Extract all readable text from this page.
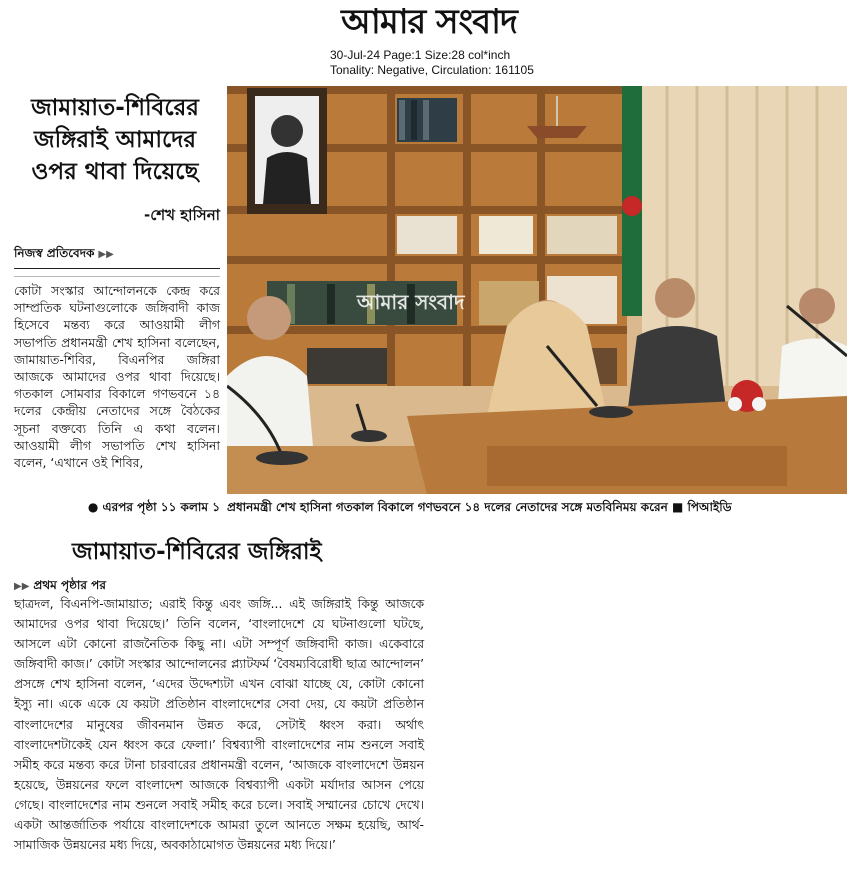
আমার সংবাদ
30-Jul-24 Page:1 Size:28 col*inch
Tonality: Negative, Circulation: 161105
জামায়াত-শিবিরের
জঙ্গিরাই আমাদের
ওপর থাবা দিয়েছে
-শেখ হাসিনা
নিজস্ব প্রতিবেদক ▶▶
কোটা সংস্কার আন্দোলনকে কেন্দ্র করে সাম্প্রতিক ঘটনাগুলোকে জঙ্গিবাদী কাজ হিসেবে মন্তব্য করে আওয়ামী লীগ সভাপতি প্রধানমন্ত্রী শেখ হাসিনা বলেছেন, জামায়াত-শিবির, বিএনপির জঙ্গিরা আজকে আমাদের ওপর থাবা দিয়েছে। গতকাল সোমবার বিকালে গণভবনে ১৪ দলের কেন্দ্রীয় নেতাদের সঙ্গে বৈঠকের সূচনা বক্তব্যে তিনি এ কথা বলেন। আওয়ামী লীগ সভাপতি শেখ হাসিনা বলেন, ‘এখানে ওই শিবির,
● এরপর পৃষ্ঠা ১১ কলাম ১
আমার সংবাদ
প্রধানমন্ত্রী শেখ হাসিনা গতকাল বিকালে গণভবনে ১৪ দলের নেতাদের সঙ্গে মতবিনিময় করেন ■ পিআইডি
জামায়াত-শিবিরের জঙ্গিরাই
▶▶ প্রথম পৃষ্ঠার পর
ছাত্রদল, বিএনপি-জামায়াত; এরাই কিন্তু এবং জঙ্গি... এই জঙ্গিরাই কিন্তু আজকে আমাদের ওপর থাবা দিয়েছে।’ তিনি বলেন, ‘বাংলাদেশে যে ঘটনাগুলো ঘটছে, আসলে এটা কোনো রাজনৈতিক কিছু না। এটা সম্পূর্ণ জঙ্গিবাদী কাজ। একেবারে জঙ্গিবাদী কাজ।’ কোটা সংস্কার আন্দোলনের প্ল্যাটফর্ম ‘বৈষম্যবিরোধী ছাত্র আন্দোলন’ প্রসঙ্গে শেখ হাসিনা বলেন, ‘এদের উদ্দেশ্যটা এখন বোঝা যাচ্ছে যে, কোটা কোনো ইস্যু না। একে একে যে কয়টা প্রতিষ্ঠান বাংলাদেশের সেবা দেয়, যে কয়টা প্রতিষ্ঠান বাংলাদেশের মানুষের জীবনমান উন্নত করে, সেটাই ধ্বংস করা। অর্থাৎ বাংলাদেশটাকেই যেন ধ্বংস করে ফেলা।’ বিশ্বব্যাপী বাংলাদেশের নাম শুনলে সবাই সমীহ করে মন্তব্য করে টানা চারবারের প্রধানমন্ত্রী বলেন, ‘আজকে বাংলাদেশে উন্নয়ন হয়েছে, উন্নয়নের ফলে বাংলাদেশ আজকে বিশ্বব্যাপী একটা মর্যাদার আসন পেয়ে গেছে। বাংলাদেশের নাম শুনলে সবাই সমীহ করে চলে। সবাই সম্মানের চোখে দেখে। একটা আন্তর্জাতিক পর্যায়ে বাংলাদেশকে আমরা তুলে আনতে সক্ষম হয়েছি, আর্থ-সামাজিক উন্নয়নের মধ্য দিয়ে, অবকাঠামোগত উন্নয়নের মধ্য দিয়ে।’
